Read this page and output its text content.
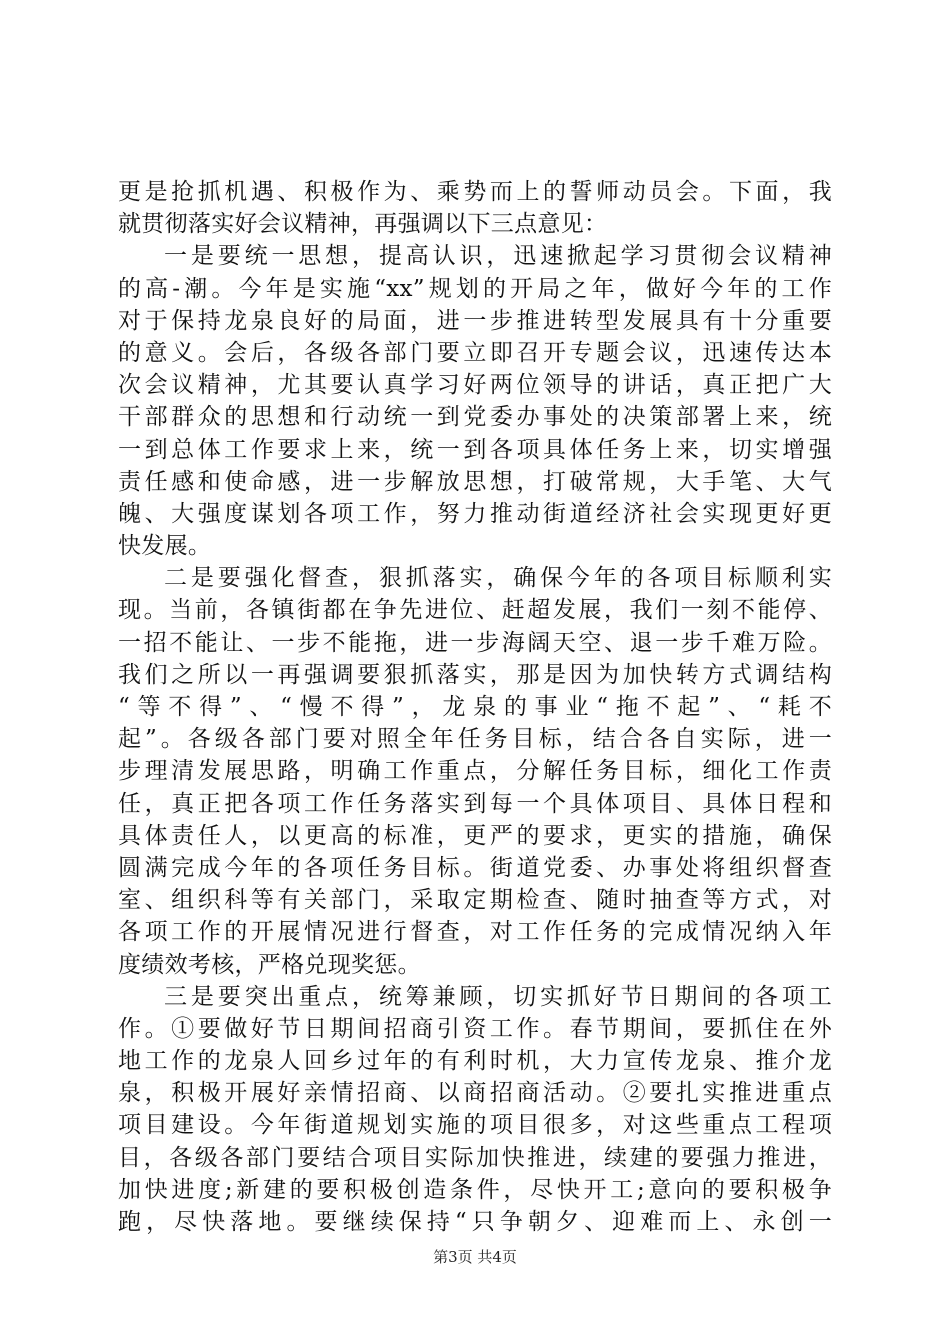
更是抢抓机遇、积极作为、乘势而上的誓师动员会。下面，我
就贯彻落实好会议精神，再强调以下三点意见：
一是要统一思想，提高认识，迅速掀起学习贯彻会议精神
的高-潮。今年是实施“xx”规划的开局之年，做好今年的工作
对于保持龙泉良好的局面，进一步推进转型发展具有十分重要
的意义。会后，各级各部门要立即召开专题会议，迅速传达本
次会议精神，尤其要认真学习好两位领导的讲话，真正把广大
干部群众的思想和行动统一到党委办事处的决策部署上来，统
一到总体工作要求上来，统一到各项具体任务上来，切实增强
责任感和使命感，进一步解放思想，打破常规，大手笔、大气
魄、大强度谋划各项工作，努力推动街道经济社会实现更好更
快发展。
二是要强化督查，狠抓落实，确保今年的各项目标顺利实
现。当前，各镇街都在争先进位、赶超发展，我们一刻不能停、
一招不能让、一步不能拖，进一步海阔天空、退一步千难万险。
我们之所以一再强调要狠抓落实，那是因为加快转方式调结构
“等不得”、“慢不得”，龙泉的事业“拖不起”、“耗不
起”。各级各部门要对照全年任务目标，结合各自实际，进一
步理清发展思路，明确工作重点，分解任务目标，细化工作责
任，真正把各项工作任务落实到每一个具体项目、具体日程和
具体责任人，以更高的标准，更严的要求，更实的措施，确保
圆满完成今年的各项任务目标。街道党委、办事处将组织督查
室、组织科等有关部门，采取定期检查、随时抽查等方式，对
各项工作的开展情况进行督查，对工作任务的完成情况纳入年
度绩效考核，严格兑现奖惩。
三是要突出重点，统筹兼顾，切实抓好节日期间的各项工
作。①要做好节日期间招商引资工作。春节期间，要抓住在外
地工作的龙泉人回乡过年的有利时机，大力宣传龙泉、推介龙
泉，积极开展好亲情招商、以商招商活动。②要扎实推进重点
项目建设。今年街道规划实施的项目很多，对这些重点工程项
目，各级各部门要结合项目实际加快推进，续建的要强力推进，
加快进度;新建的要积极创造条件，尽快开工;意向的要积极争
跑，尽快落地。要继续保持“只争朝夕、迎难而上、永创一
第3页 共4页
